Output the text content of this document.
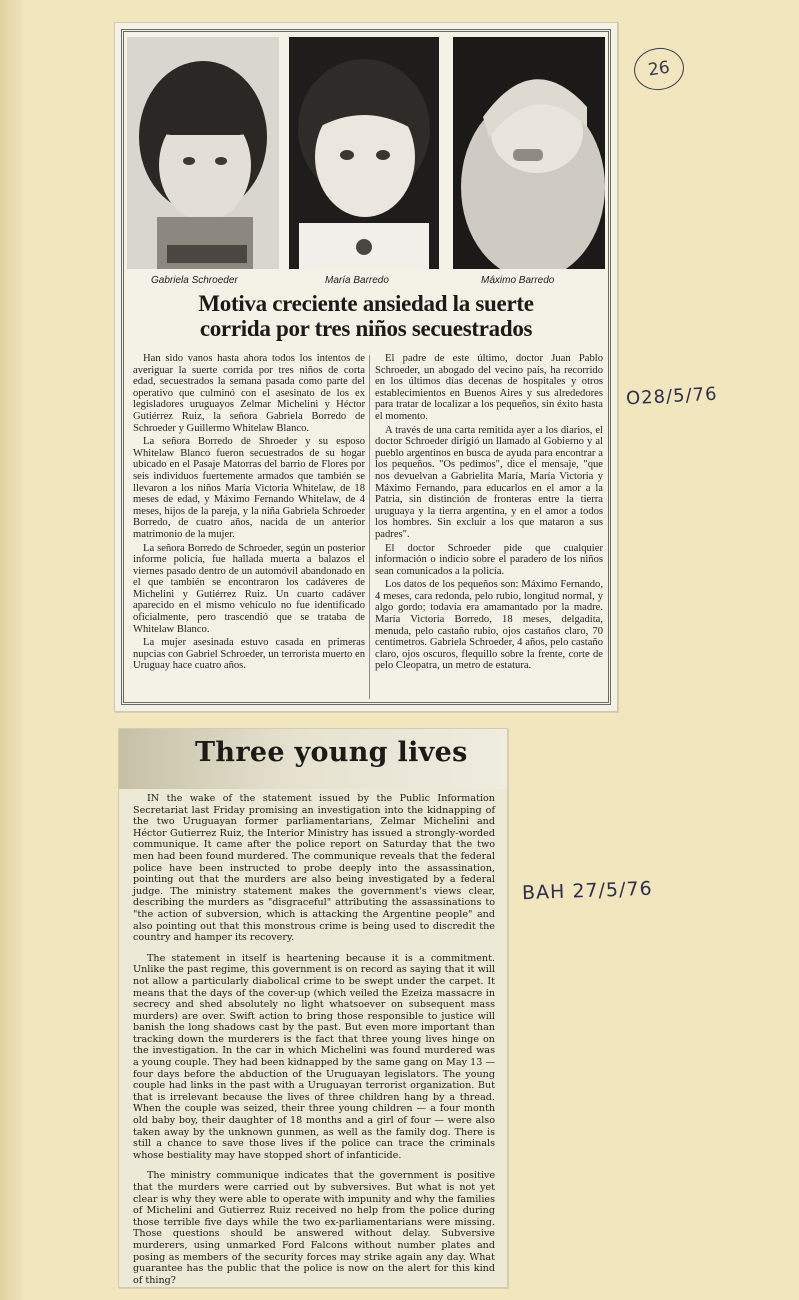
Gabriela Schroeder	María Barredo	Máximo Barredo
Motiva creciente ansiedad la suerte
corrida por tres niños secuestrados

Han sido vanos hasta ahora todos los intentos de averiguar la suerte corrida por tres niños de corta edad, secuestrados la semana pasada como parte del operativo que culminó con el asesinato de los ex legisladores uruguayos Zelmar Michelini y Héctor Gutiérrez Ruiz, la señora Gabriela Borredo de Schroeder y Guillermo Whitelaw Blanco.

La señora Borredo de Shroeder y su esposo Whitelaw Blanco fueron secuestrados de su hogar ubicado en el Pasaje Matorras del barrio de Flores por seis individuos fuertemente armados que también se llevaron a los niños María Victoria Whitelaw, de 18 meses de edad, y Máximo Fernando Whitelaw, de 4 meses, hijos de la pareja, y la niña Gabriela Schroeder Borredo, de cuatro años, nacida de un anterior matrimonio de la mujer.

La señora Borredo de Schroeder, según un posterior informe policía, fue hallada muerta a balazos el viernes pasado dentro de un automóvil abandonado en el que también se encontraron los cadáveres de Michelini y Gutiérrez Ruiz. Un cuarto cadáver aparecido en el mismo vehículo no fue identificado oficialmente, pero trascendió que se trataba de Whitelaw Blanco.

La mujer asesinada estuvo casada en primeras nupcias con Gabriel Schroeder, un terrorista muerto en Uruguay hace cuatro años.

El padre de este último, doctor Juan Pablo Schroeder, un abogado del vecino país, ha recorrido en los últimos días decenas de hospitales y otros establecimientos en Buenos Aires y sus alrededores para tratar de localizar a los pequeños, sin éxito hasta el momento.

A través de una carta remitida ayer a los diarios, el doctor Schroeder dirigió un llamado al Gobierno y al pueblo argentinos en busca de ayuda para encontrar a los pequeños. "Os pedimos", dice el mensaje, "que nos devuelvan a Gabrielita María, María Victoria y Máximo Fernando, para educarlos en el amor a la Patria, sin distinción de fronteras entre la tierra uruguaya y la tierra argentina, y en el amor a todos los hombres. Sin excluir a los que mataron a sus padres".

El doctor Schroeder pide que cualquier información o indicio sobre el paradero de los niños sean comunicados a la policía.

Los datos de los pequeños son: Máximo Fernando, 4 meses, cara redonda, pelo rubio, longitud normal, y algo gordo; todavía era amamantado por la madre. María Victoria Borredo, 18 meses, delgadita, menuda, pelo castaño rubio, ojos castaños claro, 70 centímetros. Gabriela Schroeder, 4 años, pelo castaño claro, ojos oscuros, flequillo sobre la frente, corte de pelo Cleopatra, un metro de estatura.

26
O28/5/76
BAH 27/5/76
Three young lives

IN the wake of the statement issued by the Public Information Secretariat last Friday promising an investigation into the kidnapping of the two Uruguayan former parliamentarians, Zelmar Michelini and Héctor Gutierrez Ruiz, the Interior Ministry has issued a strongly-worded communique. It came after the police report on Saturday that the two men had been found murdered. The communique reveals that the federal police have been instructed to probe deeply into the assassination, pointing out that the murders are also being investigated by a federal judge. The ministry statement makes the government's views clear, describing the murders as "disgraceful" attributing the assassinations to "the action of subversion, which is attacking the Argentine people" and also pointing out that this monstrous crime is being used to discredit the country and hamper its recovery.

The statement in itself is heartening because it is a commitment. Unlike the past regime, this government is on record as saying that it will not allow a particularly diabolical crime to be swept under the carpet. It means that the days of the cover-up (which veiled the Ezeiza massacre in secrecy and shed absolutely no light whatsoever on subsequent mass murders) are over. Swift action to bring those responsible to justice will banish the long shadows cast by the past. But even more important than tracking down the murderers is the fact that three young lives hinge on the investigation. In the car in which Michelini was found murdered was a young couple. They had been kidnapped by the same gang on May 13 — four days before the abduction of the Uruguayan legislators. The young couple had links in the past with a Uruguayan terrorist organization. But that is irrelevant because the lives of three children hang by a thread. When the couple was seized, their three young children — a four month old baby boy, their daughter of 18 months and a girl of four — were also taken away by the unknown gunmen, as well as the family dog. There is still a chance to save those lives if the police can trace the criminals whose bestiality may have stopped short of infanticide.

The ministry communique indicates that the government is positive that the murders were carried out by subversives. But what is not yet clear is why they were able to operate with impunity and why the families of Michelini and Gutierrez Ruiz received no help from the police during those terrible five days while the two ex-parliamentarians were missing. Those questions should be answered without delay. Subversive murderers, using unmarked Ford Falcons without number plates and posing as members of the security forces may strike again any day. What guarantee has the public that the police is now on the alert for this kind of thing?
